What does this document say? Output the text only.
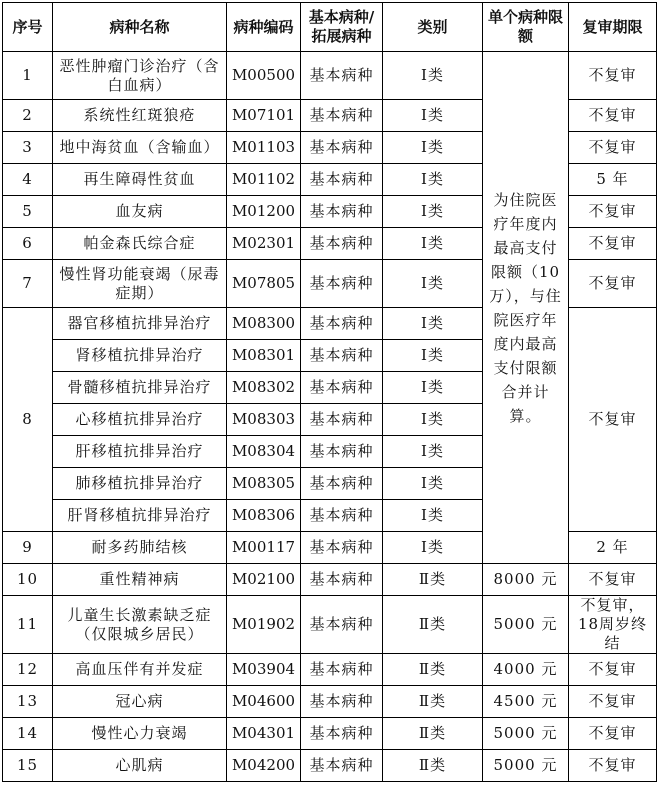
序号	病种名称	病种编码	基本病种/拓展病种	类别	单个病种限额	复审期限
1	恶性肿瘤门诊治疗（含白血病）	M00500	基本病种	Ⅰ类	为住院医疗年度内最高支付限额（10万），与住院医疗年度内最高支付限额合并计算。	不复审
2	系统性红斑狼疮	M07101	基本病种	Ⅰ类		不复审
3	地中海贫血（含输血）	M01103	基本病种	Ⅰ类		不复审
4	再生障碍性贫血	M01102	基本病种	Ⅰ类		5 年
5	血友病	M01200	基本病种	Ⅰ类		不复审
6	帕金森氏综合症	M02301	基本病种	Ⅰ类		不复审
7	慢性肾功能衰竭（尿毒症期）	M07805	基本病种	Ⅰ类		不复审
8	器官移植抗排异治疗	M08300	基本病种	Ⅰ类		不复审
	肾移植抗排异治疗	M08301	基本病种	Ⅰ类		
	骨髓移植抗排异治疗	M08302	基本病种	Ⅰ类		
	心移植抗排异治疗	M08303	基本病种	Ⅰ类		
	肝移植抗排异治疗	M08304	基本病种	Ⅰ类		
	肺移植抗排异治疗	M08305	基本病种	Ⅰ类		
	肝肾移植抗排异治疗	M08306	基本病种	Ⅰ类		
9	耐多药肺结核	M00117	基本病种	Ⅰ类		2 年
10	重性精神病	M02100	基本病种	Ⅱ类	8000 元	不复审
11	儿童生长激素缺乏症（仅限城乡居民）	M01902	基本病种	Ⅱ类	5000 元	不复审，18周岁终结
12	高血压伴有并发症	M03904	基本病种	Ⅱ类	4000 元	不复审
13	冠心病	M04600	基本病种	Ⅱ类	4500 元	不复审
14	慢性心力衰竭	M04301	基本病种	Ⅱ类	5000 元	不复审
15	心肌病	M04200	基本病种	Ⅱ类	5000 元	不复审
